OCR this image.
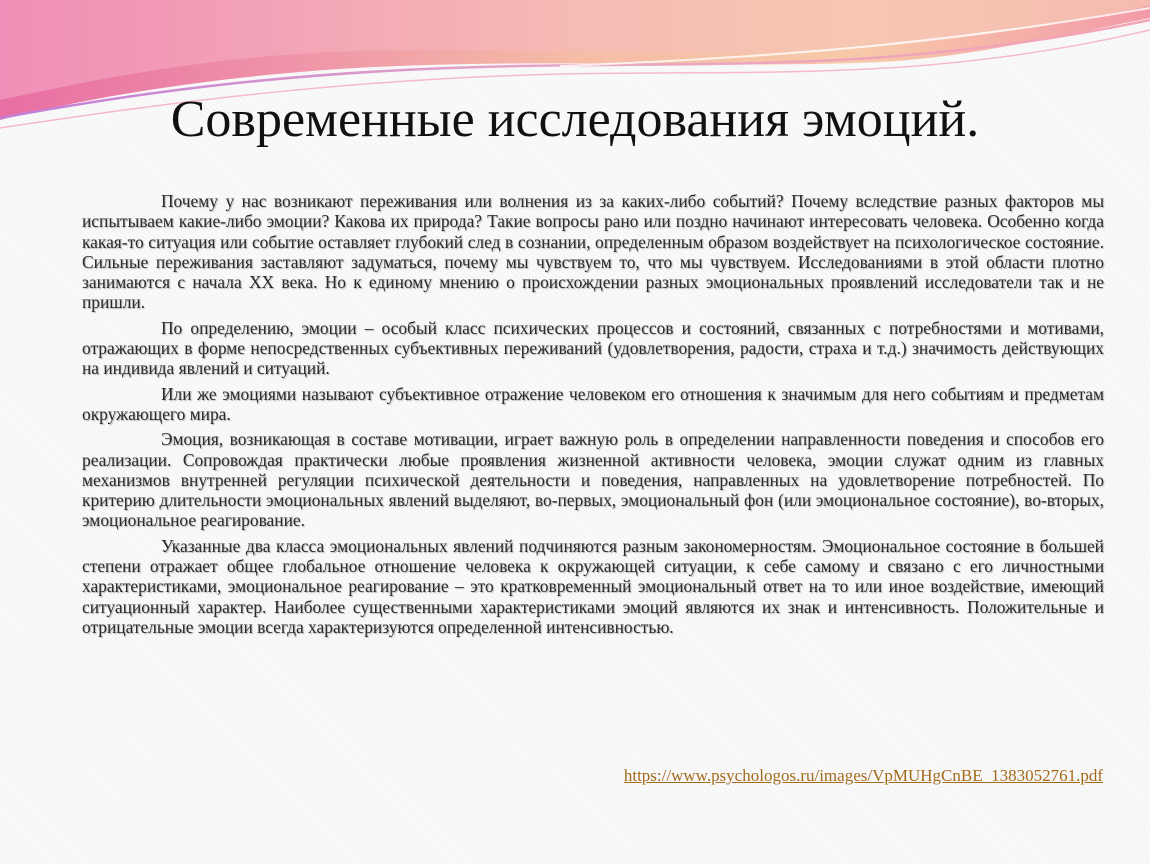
Современные исследования эмоций.

Почему у нас возникают переживания или волнения из за каких-либо событий? Почему вследствие разных факторов мы испытываем какие-либо эмоции? Какова их природа? Такие вопросы рано или поздно начинают интересовать человека. Особенно когда какая-то ситуация или событие оставляет глубокий след в сознании, определенным образом воздействует на психологическое состояние. Сильные переживания заставляют задуматься, почему мы чувствуем то, что мы чувствуем. Исследованиями в этой области плотно занимаются с начала XX века. Но к единому мнению о происхождении разных эмоциональных проявлений исследователи так и не пришли.

По определению, эмоции – особый класс психических процессов и состояний, связанных с потребностями и мотивами, отражающих в форме непосредственных субъективных переживаний (удовлетворения, радости, страха и т.д.) значимость действующих на индивида явлений и ситуаций.

Или же эмоциями называют субъективное отражение человеком его отношения к значимым для него событиям и предметам окружающего мира.

Эмоция, возникающая в составе мотивации, играет важную роль в определении направленности поведения и способов его реализации. Сопровождая практически любые проявления жизненной активности человека, эмоции служат одним из главных механизмов внутренней регуляции психической деятельности и поведения, направленных на удовлетворение потребностей. По критерию длительности эмоциональных явлений выделяют, во-первых, эмоциональный фон (или эмоциональное состояние), во-вторых, эмоциональное реагирование.

Указанные два класса эмоциональных явлений подчиняются разным закономерностям. Эмоциональное состояние в большей степени отражает общее глобальное отношение человека к окружающей ситуации, к себе самому и связано с его личностными характеристиками, эмоциональное реагирование – это кратковременный эмоциональный ответ на то или иное воздействие, имеющий ситуационный характер. Наиболее существенными характеристиками эмоций являются их знак и интенсивность. Положительные и отрицательные эмоции всегда характеризуются определенной интенсивностью.

https://www.psychologos.ru/images/VpMUHgCnBE_1383052761.pdf
